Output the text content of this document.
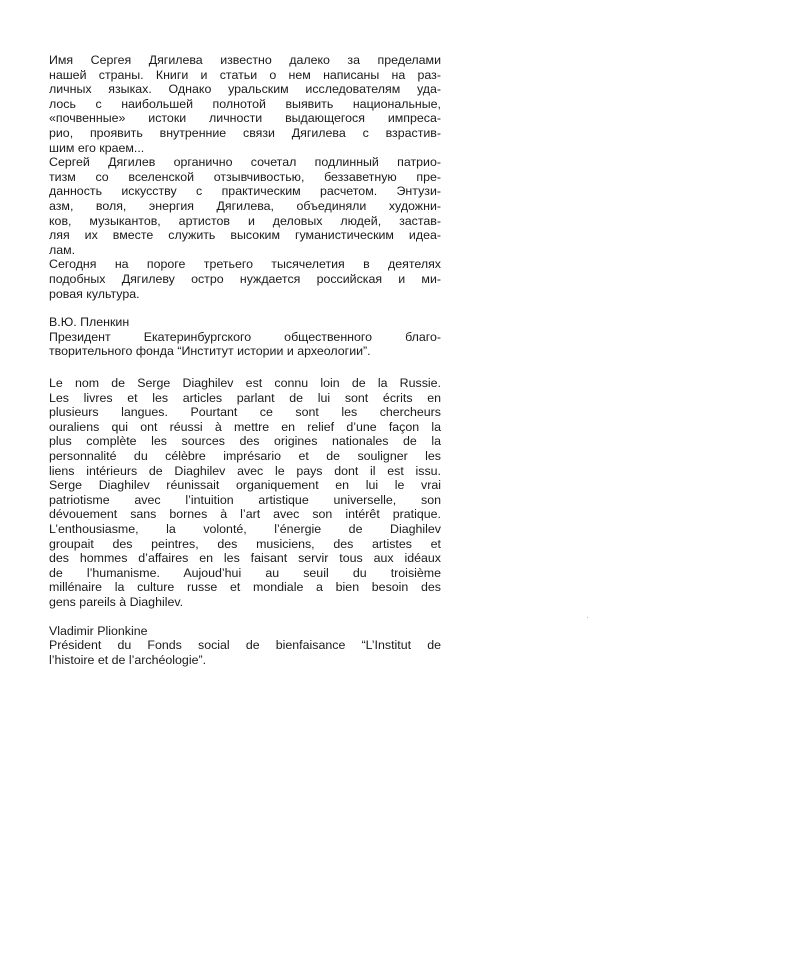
Имя Сергея Дягилева известно далеко за пределами
нашей страны. Книги и статьи о нем написаны на раз-
личных языках. Однако уральским исследователям уда-
лось с наибольшей полнотой выявить национальные,
«почвенные» истоки личности выдающегося импреса-
рио, проявить внутренние связи Дягилева с взрастив-
шим его краем...
Сергей Дягилев органично сочетал подлинный патрио-
тизм со вселенской отзывчивостью, беззаветную пре-
данность искусству с практическим расчетом. Энтузи-
азм, воля, энергия Дягилева, объединяли художни-
ков, музыкантов, артистов и деловых людей, застав-
ляя их вместе служить высоким гуманистическим идеа-
лам.
Сегодня на пороге третьего тысячелетия в деятелях
подобных Дягилеву остро нуждается российская и ми-
ровая культура.
В.Ю. Пленкин
Президент Екатеринбургского общественного благо-
творительного фонда “Институт истории и археологии”.
Le nom de Serge Diaghilev est connu loin de la Russie.
Les livres et les articles parlant de lui sont écrits en
plusieurs langues. Pourtant ce sont les chercheurs
ouraliens qui ont réussi à mettre en relief d’une façon la
plus complète les sources des origines nationales de la
personnalité du célèbre imprésario et de souligner les
liens intérieurs de Diaghilev avec le pays dont il est issu.
Serge Diaghilev réunissait organiquement en lui le vrai
patriotisme avec l’intuition artistique universelle, son
dévouement sans bornes à l’art avec son intérêt pratique.
L’enthousiasme, la volonté, l’énergie de Diaghilev
groupait des peintres, des musiciens, des artistes et
des hommes d’affaires en les faisant servir tous aux idéaux
de l’humanisme. Aujoud’hui au seuil du troisième
millénaire la culture russe et mondiale a bien besoin des
gens pareils à Diaghilev.
Vladimir Plionkine
Président du Fonds social de bienfaisance “L’Institut de
l’histoire et de l’archéologie”.
